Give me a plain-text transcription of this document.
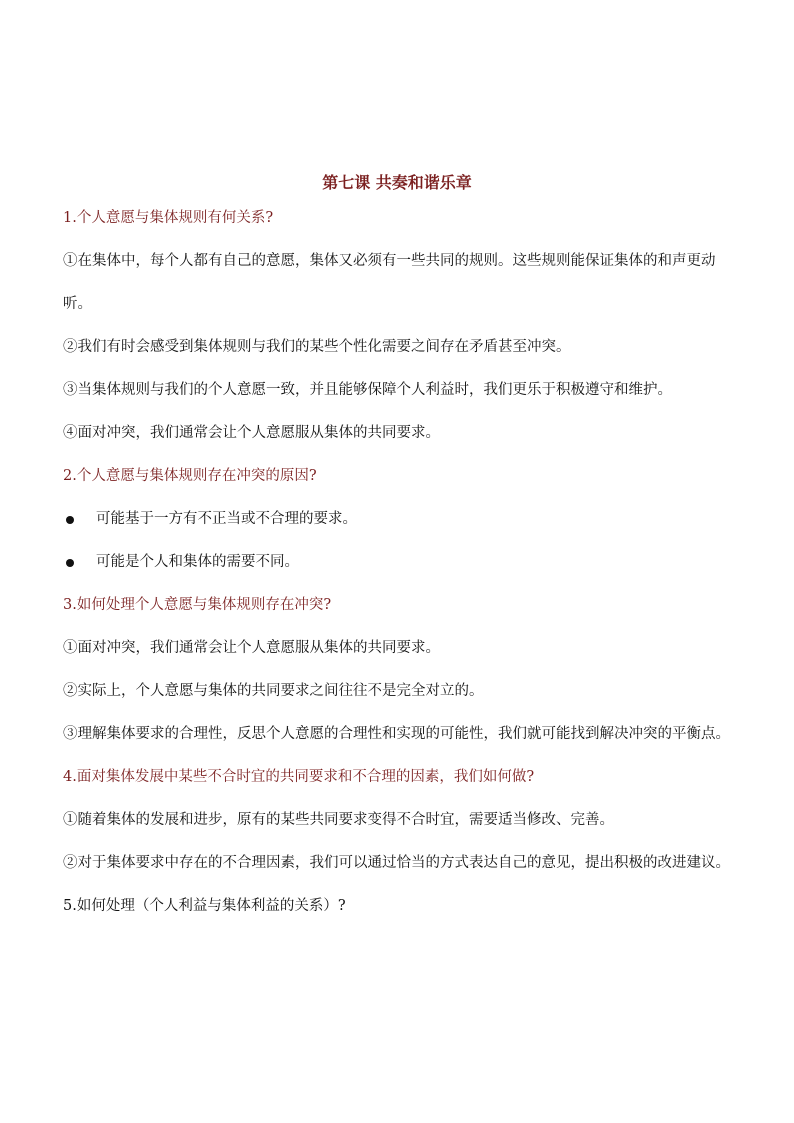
第七课 共奏和谐乐章

1.个人意愿与集体规则有何关系?

①在集体中，每个人都有自己的意愿，集体又必须有一些共同的规则。这些规则能保证集体的和声更动听。

②我们有时会感受到集体规则与我们的某些个性化需要之间存在矛盾甚至冲突。

③当集体规则与我们的个人意愿一致，并且能够保障个人利益时，我们更乐于积极遵守和维护。

④面对冲突，我们通常会让个人意愿服从集体的共同要求。

2.个人意愿与集体规则存在冲突的原因?

可能基于一方有不正当或不合理的要求。
可能是个人和集体的需要不同。

3.如何处理个人意愿与集体规则存在冲突?

①面对冲突，我们通常会让个人意愿服从集体的共同要求。

②实际上，个人意愿与集体的共同要求之间往往不是完全对立的。

③理解集体要求的合理性，反思个人意愿的合理性和实现的可能性，我们就可能找到解决冲突的平衡点。

4.面对集体发展中某些不合时宜的共同要求和不合理的因素，我们如何做?

①随着集体的发展和进步，原有的某些共同要求变得不合时宜，需要适当修改、完善。

②对于集体要求中存在的不合理因素，我们可以通过恰当的方式表达自己的意见，提出积极的改进建议。

5.如何处理（个人利益与集体利益的关系）?
